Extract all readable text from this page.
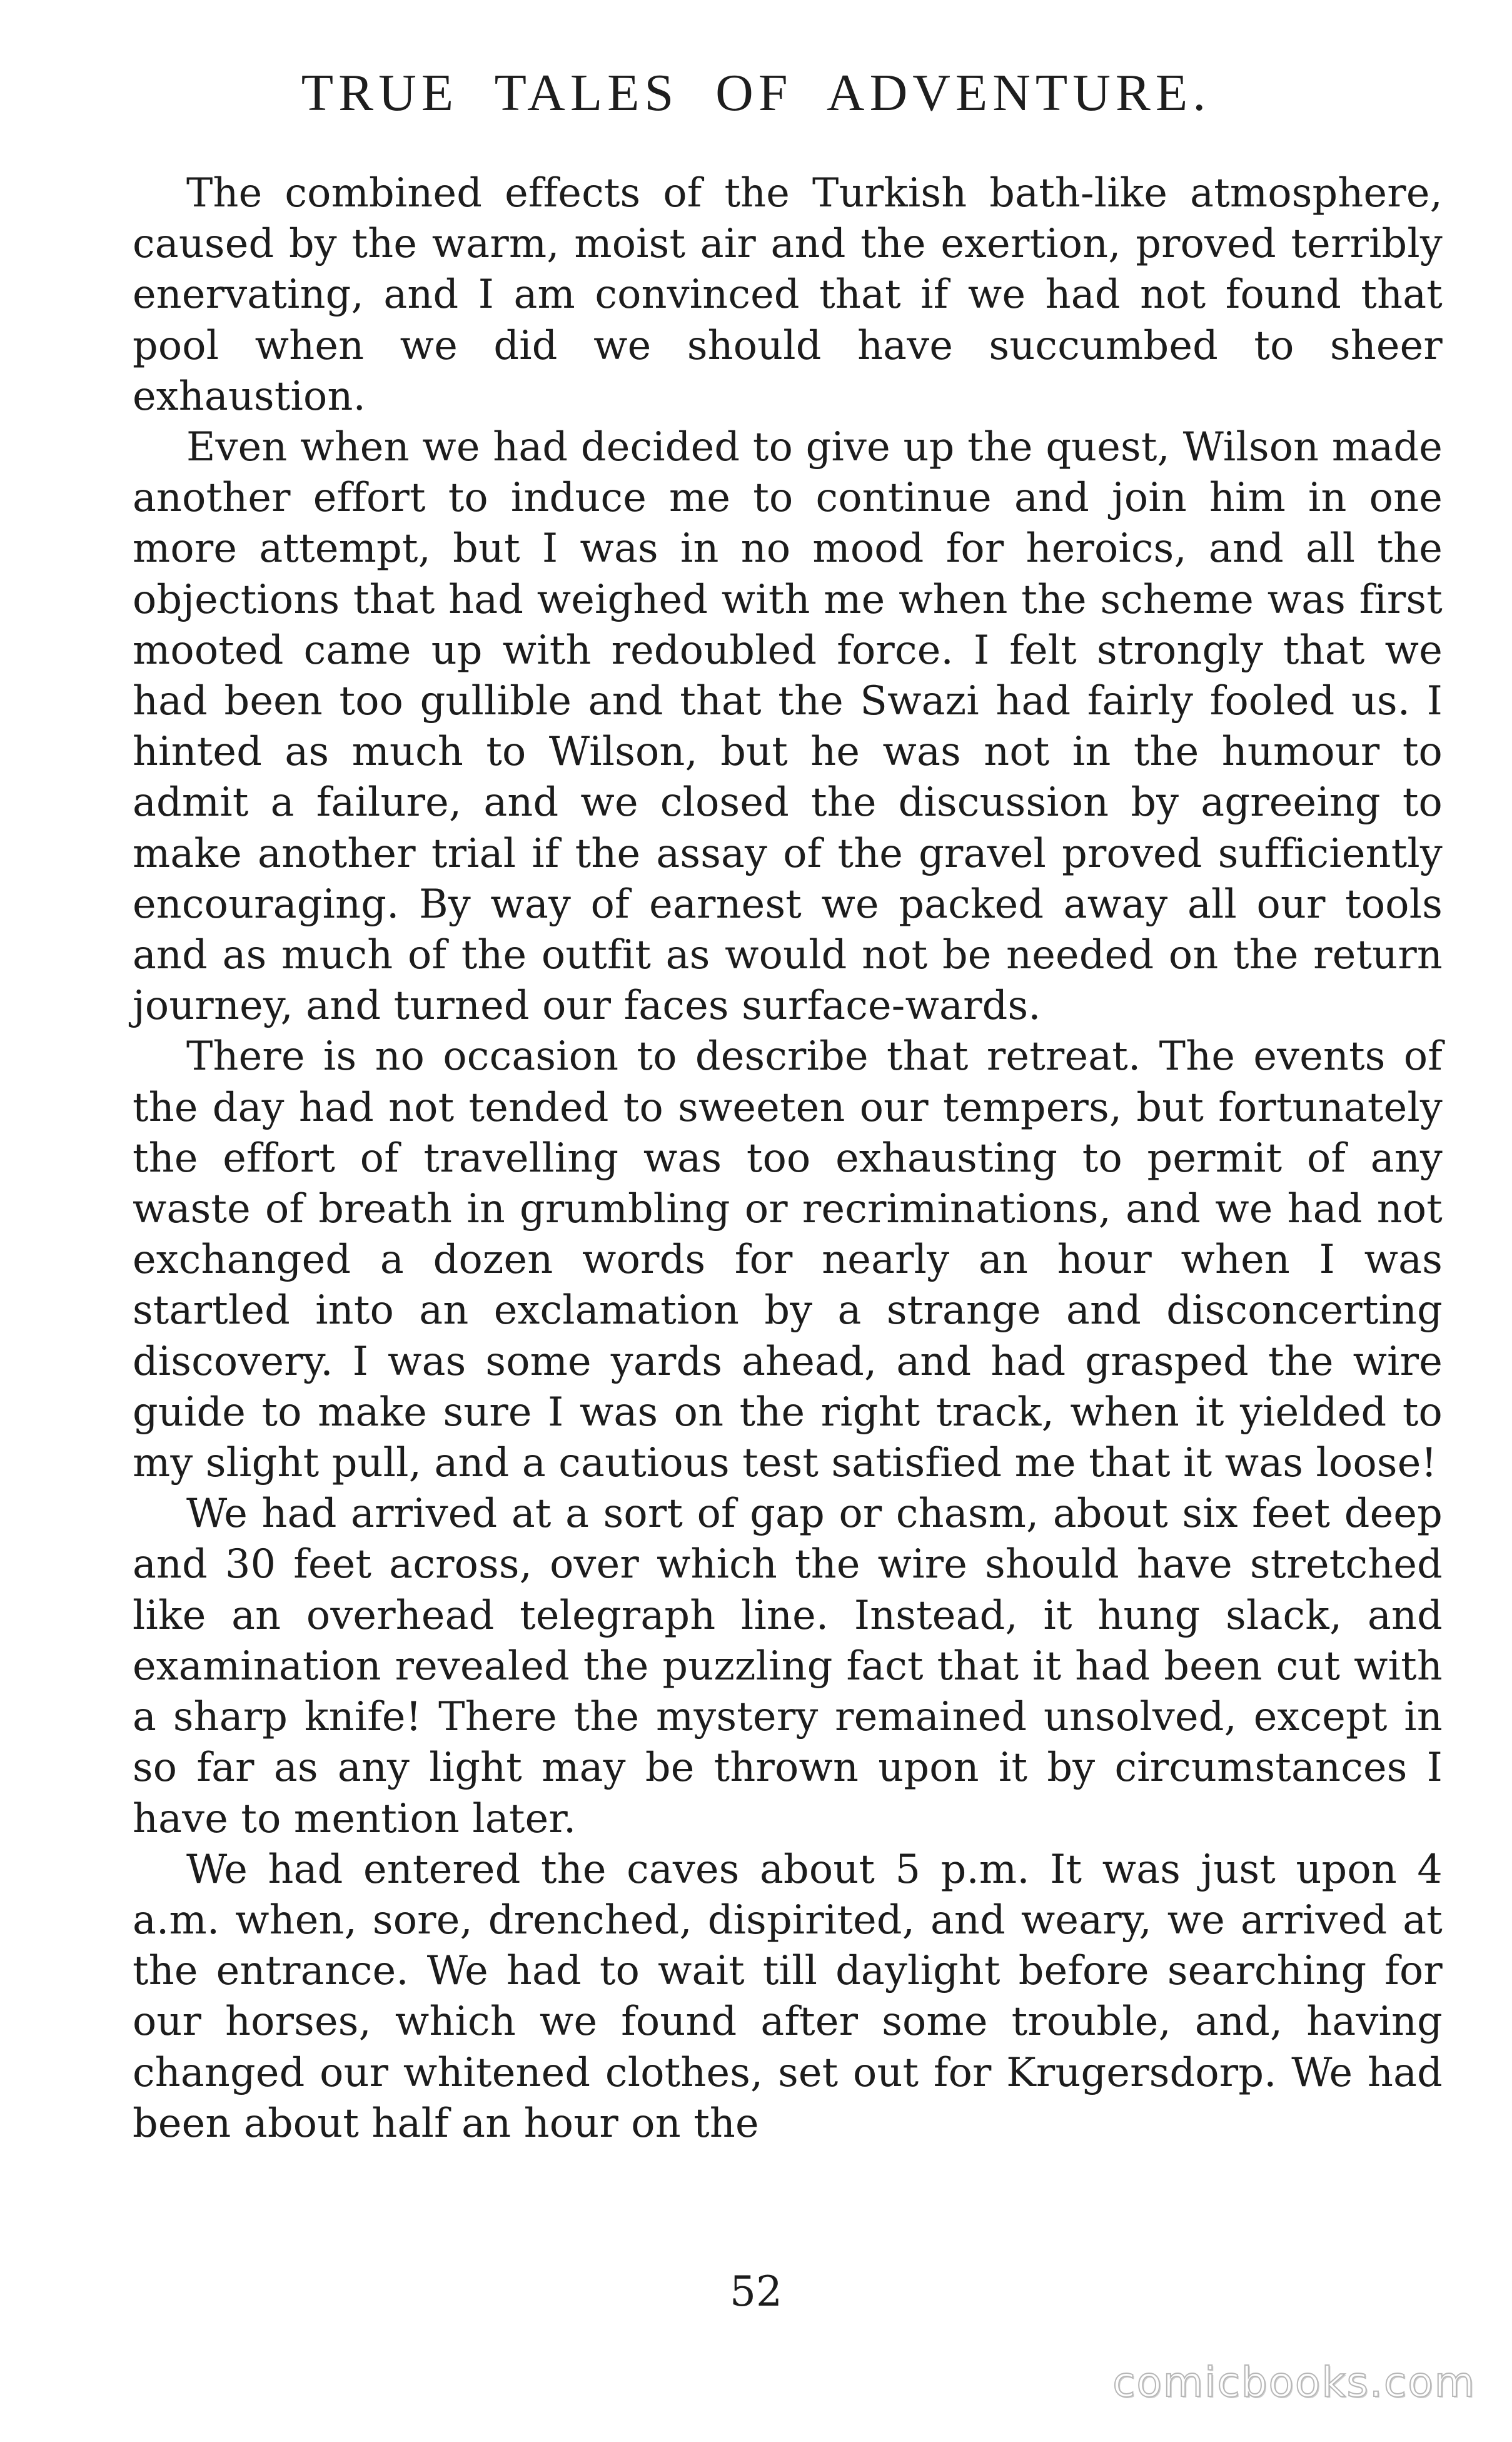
TRUE TALES OF ADVENTURE.

The combined effects of the Turkish bath-like atmosphere, caused by the warm, moist air and the exertion, proved terribly enervating, and I am convinced that if we had not found that pool when we did we should have succumbed to sheer exhaustion.

Even when we had decided to give up the quest, Wilson made another effort to induce me to continue and join him in one more attempt, but I was in no mood for heroics, and all the objections that had weighed with me when the scheme was first mooted came up with redoubled force. I felt strongly that we had been too gullible and that the Swazi had fairly fooled us. I hinted as much to Wilson, but he was not in the humour to admit a failure, and we closed the discussion by agreeing to make another trial if the assay of the gravel proved sufficiently encouraging. By way of earnest we packed away all our tools and as much of the outfit as would not be needed on the return journey, and turned our faces surface-wards.

There is no occasion to describe that retreat. The events of the day had not tended to sweeten our tempers, but fortunately the effort of travelling was too exhausting to permit of any waste of breath in grumbling or recriminations, and we had not exchanged a dozen words for nearly an hour when I was startled into an exclamation by a strange and disconcerting discovery. I was some yards ahead, and had grasped the wire guide to make sure I was on the right track, when it yielded to my slight pull, and a cautious test satisfied me that it was loose!

We had arrived at a sort of gap or chasm, about six feet deep and 30 feet across, over which the wire should have stretched like an overhead telegraph line. Instead, it hung slack, and examination revealed the puzzling fact that it had been cut with a sharp knife! There the mystery remained unsolved, except in so far as any light may be thrown upon it by circumstances I have to mention later.

We had entered the caves about 5 p.m. It was just upon 4 a.m. when, sore, drenched, dispirited, and weary, we arrived at the entrance. We had to wait till daylight before searching for our horses, which we found after some trouble, and, having changed our whitened clothes, set out for Krugersdorp. We had been about half an hour on the

52
comicbooks.com
